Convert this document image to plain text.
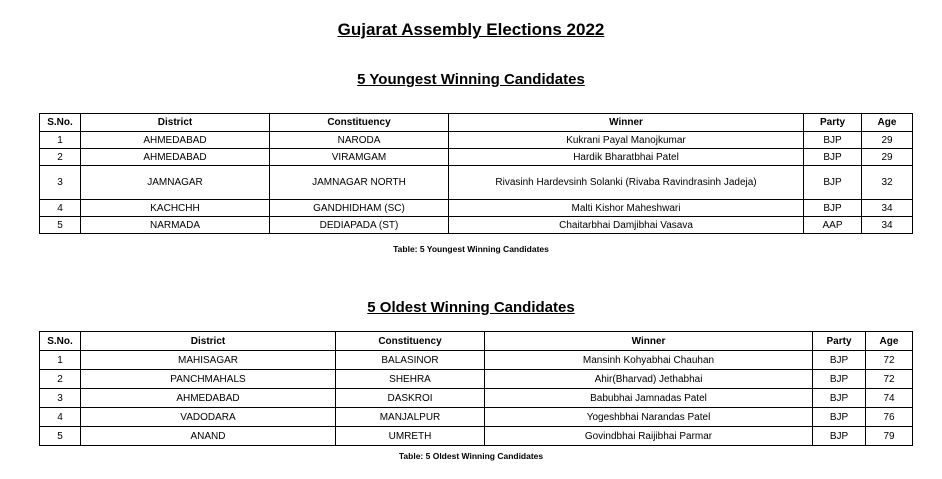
Gujarat Assembly Elections 2022
5 Youngest Winning Candidates
S.No.	District	Constituency	Winner	Party	Age
1	AHMEDABAD	NARODA	Kukrani Payal Manojkumar	BJP	29
2	AHMEDABAD	VIRAMGAM	Hardik Bharatbhai Patel	BJP	29
3	JAMNAGAR	JAMNAGAR NORTH	Rivasinh Hardevsinh Solanki (Rivaba Ravindrasinh Jadeja)	BJP	32
4	KACHCHH	GANDHIDHAM (SC)	Malti Kishor Maheshwari	BJP	34
5	NARMADA	DEDIAPADA (ST)	Chaitarbhai Damjibhai Vasava	AAP	34
Table: 5 Youngest Winning Candidates
5 Oldest Winning Candidates
S.No.	District	Constituency	Winner	Party	Age
1	MAHISAGAR	BALASINOR	Mansinh Kohyabhai Chauhan	BJP	72
2	PANCHMAHALS	SHEHRA	Ahir(Bharvad) Jethabhai	BJP	72
3	AHMEDABAD	DASKROI	Babubhai Jamnadas Patel	BJP	74
4	VADODARA	MANJALPUR	Yogeshbhai Narandas Patel	BJP	76
5	ANAND	UMRETH	Govindbhai Raijibhai Parmar	BJP	79
Table: 5 Oldest Winning Candidates
